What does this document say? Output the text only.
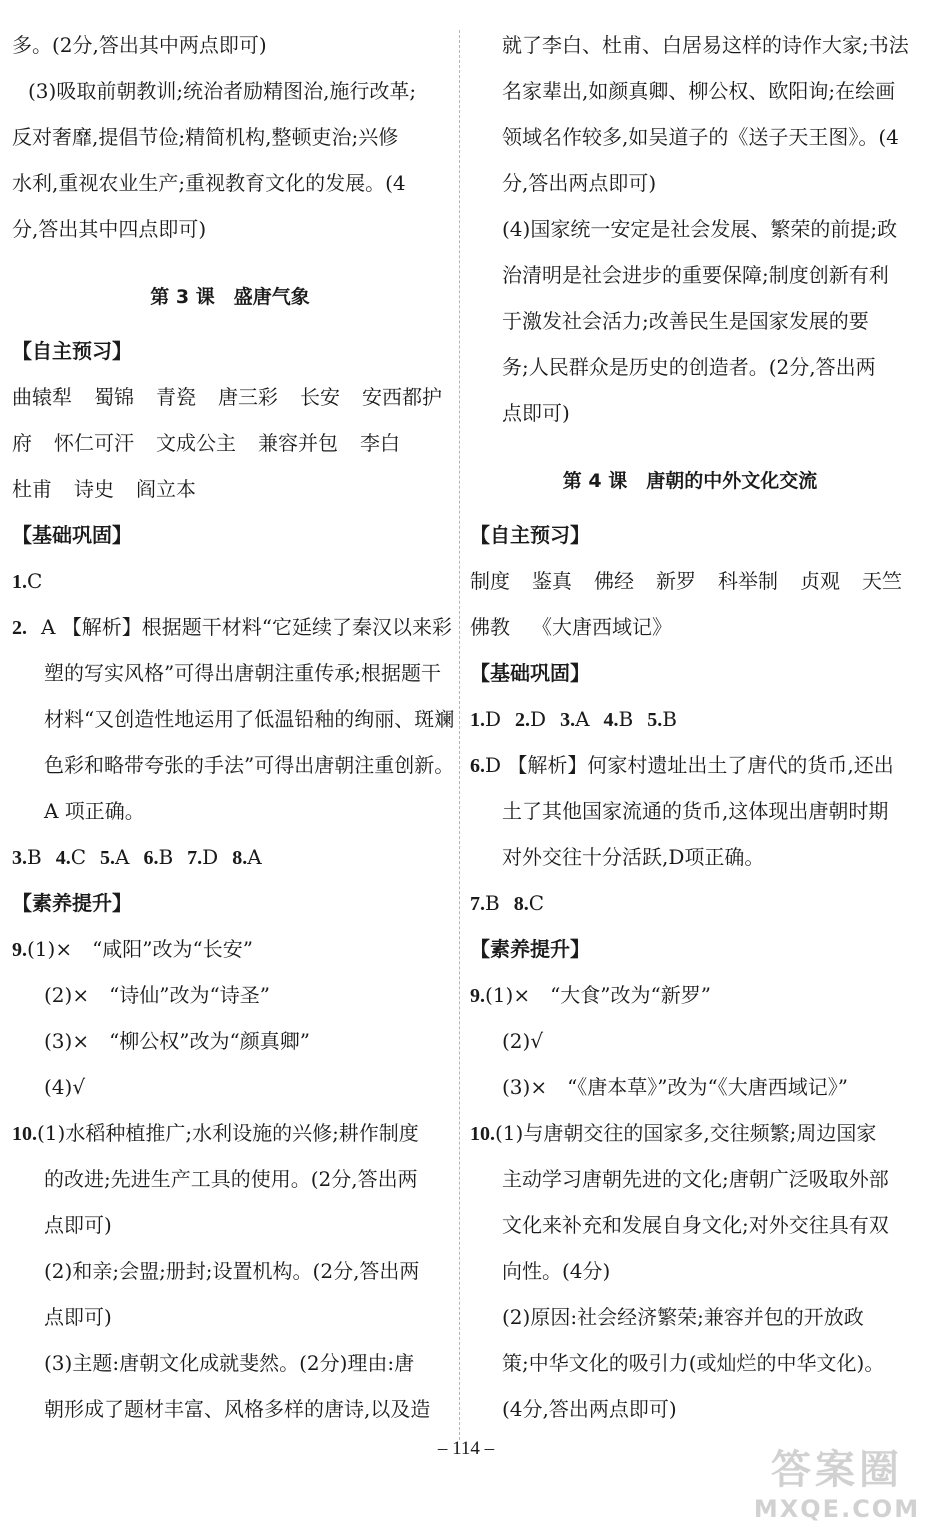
多。(2分,答出其中两点即可)
(3)吸取前朝教训;统治者励精图治,施行改革;
反对奢靡,提倡节俭;精简机构,整顿吏治;兴修
水利,重视农业生产;重视教育文化的发展。(4
分,答出其中四点即可)
第 3 课　盛唐气象
【自主预习】
曲辕犁 蜀锦 青瓷 唐三彩 长安 安西都护
府 怀仁可汗 文成公主 兼容并包 李白
杜甫 诗史 阎立本
【基础巩固】
1.C
2. A 【解析】根据题干材料“它延续了秦汉以来彩
塑的写实风格”可得出唐朝注重传承;根据题干
材料“又创造性地运用了低温铅釉的绚丽、斑斓
色彩和略带夸张的手法”可得出唐朝注重创新。
A 项正确。
3.B 4.C 5.A 6.B 7.D 8.A
【素养提升】
9.(1)×　“咸阳”改为“长安”
(2)×　“诗仙”改为“诗圣”
(3)×　“柳公权”改为“颜真卿”
(4)√
10.(1)水稻种植推广;水利设施的兴修;耕作制度
的改进;先进生产工具的使用。(2分,答出两
点即可)
(2)和亲;会盟;册封;设置机构。(2分,答出两
点即可)
(3)主题:唐朝文化成就斐然。(2分)理由:唐
朝形成了题材丰富、风格多样的唐诗,以及造
就了李白、杜甫、白居易这样的诗作大家;书法
名家辈出,如颜真卿、柳公权、欧阳询;在绘画
领域名作较多,如吴道子的《送子天王图》。(4
分,答出两点即可)
(4)国家统一安定是社会发展、繁荣的前提;政
治清明是社会进步的重要保障;制度创新有利
于激发社会活力;改善民生是国家发展的要
务;人民群众是历史的创造者。(2分,答出两
点即可)
第 4 课　唐朝的中外文化交流
【自主预习】
制度 鉴真 佛经 新罗 科举制 贞观 天竺
佛教 《大唐西域记》
【基础巩固】
1.D 2.D 3.A 4.B 5.B
6.D 【解析】何家村遗址出土了唐代的货币,还出
土了其他国家流通的货币,这体现出唐朝时期
对外交往十分活跃,D项正确。
7.B 8.C
【素养提升】
9.(1)×　“大食”改为“新罗”
(2)√
(3)×　“《唐本草》”改为“《大唐西域记》”
10.(1)与唐朝交往的国家多,交往频繁;周边国家
主动学习唐朝先进的文化;唐朝广泛吸取外部
文化来补充和发展自身文化;对外交往具有双
向性。(4分)
(2)原因:社会经济繁荣;兼容并包的开放政
策;中华文化的吸引力(或灿烂的中华文化)。
(4分,答出两点即可)
– 114 –	答案圈
MXQE.COM
